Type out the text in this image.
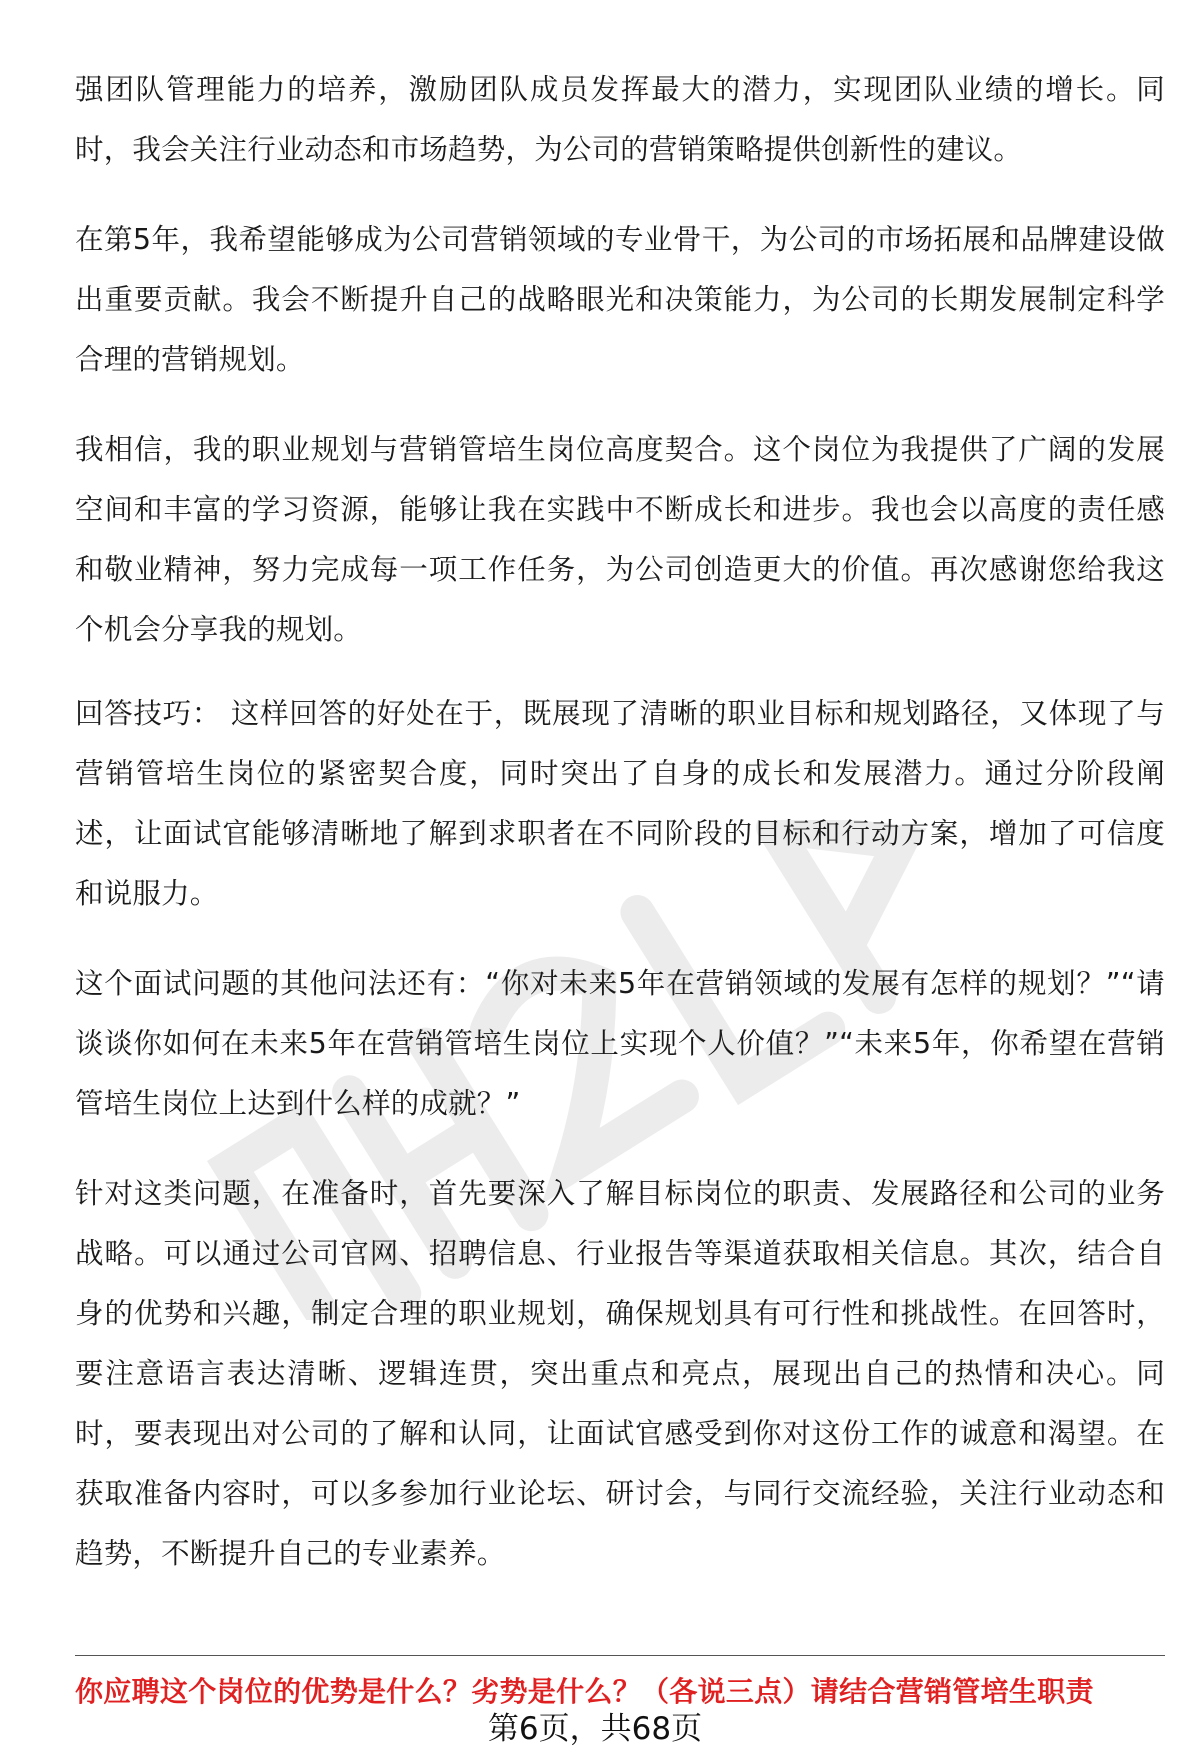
强团队管理能力的培养，激励团队成员发挥最大的潜力，实现团队业绩的增长。同时，我会关注行业动态和市场趋势，为公司的营销策略提供创新性的建议。

在第5年，我希望能够成为公司营销领域的专业骨干，为公司的市场拓展和品牌建设做出重要贡献。我会不断提升自己的战略眼光和决策能力，为公司的长期发展制定科学合理的营销规划。

我相信，我的职业规划与营销管培生岗位高度契合。这个岗位为我提供了广阔的发展空间和丰富的学习资源，能够让我在实践中不断成长和进步。我也会以高度的责任感和敬业精神，努力完成每一项工作任务，为公司创造更大的价值。再次感谢您给我这个机会分享我的规划。

回答技巧： 这样回答的好处在于，既展现了清晰的职业目标和规划路径，又体现了与营销管培生岗位的紧密契合度，同时突出了自身的成长和发展潜力。通过分阶段阐述，让面试官能够清晰地了解到求职者在不同阶段的目标和行动方案，增加了可信度和说服力。

这个面试问题的其他问法还有：“你对未来5年在营销领域的发展有怎样的规划？”“请谈谈你如何在未来5年在营销管培生岗位上实现个人价值？”“未来5年，你希望在营销管培生岗位上达到什么样的成就？”

针对这类问题，在准备时，首先要深入了解目标岗位的职责、发展路径和公司的业务战略。可以通过公司官网、招聘信息、行业报告等渠道获取相关信息。其次，结合自身的优势和兴趣，制定合理的职业规划，确保规划具有可行性和挑战性。在回答时，要注意语言表达清晰、逻辑连贯，突出重点和亮点，展现出自己的热情和决心。同时，要表现出对公司的了解和认同，让面试官感受到你对这份工作的诚意和渴望。在获取准备内容时，可以多参加行业论坛、研讨会，与同行交流经验，关注行业动态和趋势，不断提升自己的专业素养。

你应聘这个岗位的优势是什么？劣势是什么？（各说三点）请结合营销管培生职责
第6页，共68页
